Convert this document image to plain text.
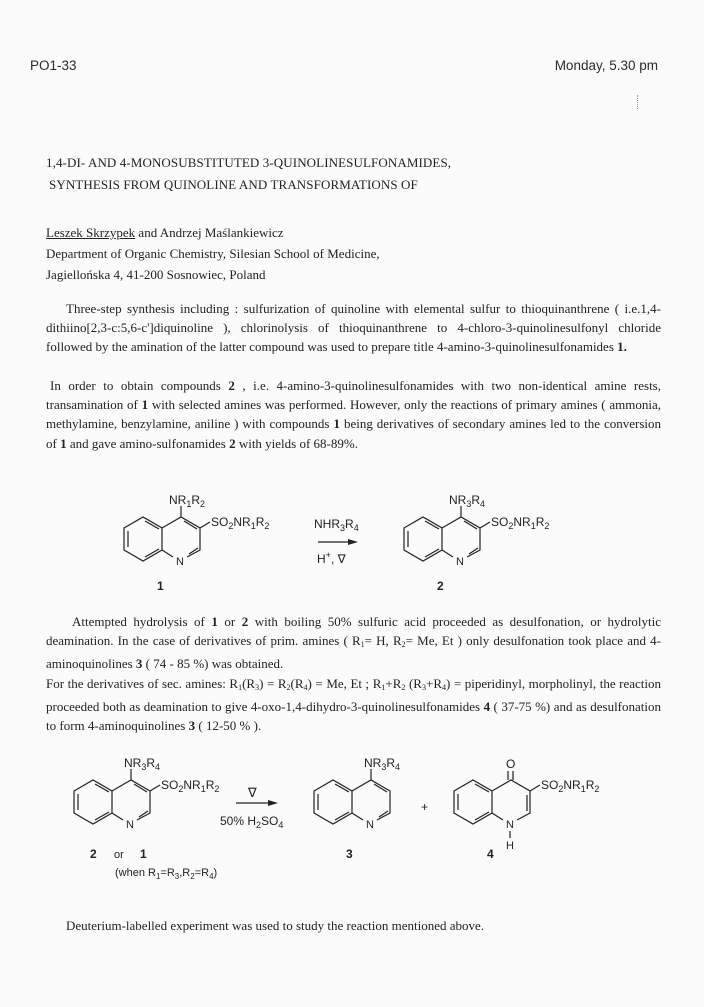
PO1-33	Monday, 5.30 pm
1,4-DI- AND 4-MONOSUBSTITUTED 3-QUINOLINESULFONAMIDES,
SYNTHESIS FROM QUINOLINE AND TRANSFORMATIONS OF
Leszek Skrzypek and Andrzej Maślankiewicz
Department of Organic Chemistry, Silesian School of Medicine,
Jagiellońska 4, 41-200 Sosnowiec, Poland
Three-step synthesis including : sulfurization of quinoline with elemental sulfur to thioquinanthrene ( i.e.1,4-dithiino[2,3-c:5,6-c']diquinoline ), chlorinolysis of thioquinanthrene to 4-chloro-3-quinolinesulfonyl chloride followed by the amination of the latter compound was used to prepare title 4-amino-3-quinolinesulfonamides 1.
In order to obtain compounds 2 , i.e. 4-amino-3-quinolinesulfonamides with two non-identical amine rests, transamination of 1 with selected amines was performed. However, only the reactions of primary amines ( ammonia, methylamine, benzylamine, aniline ) with compounds 1 being derivatives of secondary amines led to the conversion of 1 and gave amino-sulfonamides 2 with yields of 68-89%.
N
$NR_1R_2$
$SO_2NR_1R_2$
1
$NHR_3R_4$
H+, ∇	N
$NR_3R_4$
$SO_2NR_1R_2$
2
Attempted hydrolysis of 1 or 2 with boiling 50% sulfuric acid proceeded as desulfonation, or hydrolytic deamination. In the case of derivatives of prim. amines ( $R_1= H$, $R_2= Me$, Et ) only desulfonation took place and 4-aminoquinolines 3 ( 74 - 85 %) was obtained.
For the derivatives of sec. amines: $R_1(R_3) = R_2(R_4) = Me$, Et ; $R_1+R_2$ $(R_3+R_4)$ = piperidinyl, morpholinyl, the reaction proceeded both as deamination to give 4-oxo-1,4-dihydro-3-quinolinesulfonamides 4 ( 37-75 %) and as desulfonation to form 4-aminoquinolines 3 ( 12-50 % ).
N
$NR_3R_4$
$SO_2NR_1R_2$
2 or 1
(when $R_1=R_3,R_2=R_4$)
∇
50% $H_2SO_4$	N
$NR_3R_4$
3
+
O
N
H
$SO_2NR_1R_2$
4
Deuterium-labelled experiment was used to study the reaction mentioned above.
